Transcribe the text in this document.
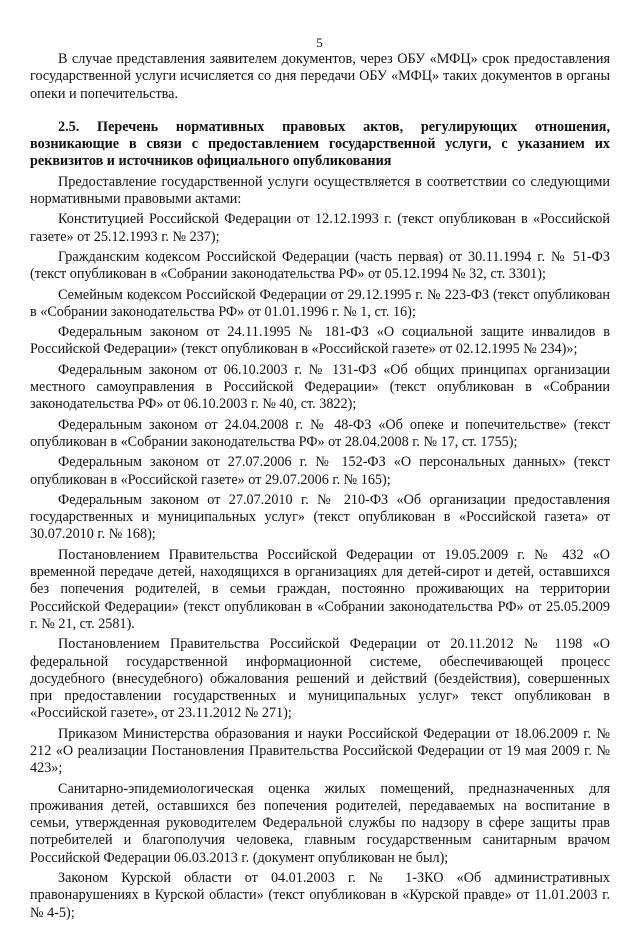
5

В случае представления заявителем документов, через ОБУ «МФЦ» срок предоставления государственной услуги исчисляется со дня передачи ОБУ «МФЦ» таких документов в органы опеки и попечительства.

2.5. Перечень нормативных правовых актов, регулирующих отношения, возникающие в связи с предоставлением государственной услуги, с указанием их реквизитов и источников официального опубликования

Предоставление государственной услуги осуществляется в соответствии со следующими нормативными правовыми актами:

Конституцией Российской Федерации от 12.12.1993 г. (текст опубликован в «Российской газете» от 25.12.1993 г. № 237);

Гражданским кодексом Российской Федерации (часть первая) от 30.11.1994 г. № 51-ФЗ (текст опубликован в «Собрании законодательства РФ» от 05.12.1994 № 32, ст. 3301);

Семейным кодексом Российской Федерации от 29.12.1995 г. № 223-ФЗ (текст опубликован в «Собрании законодательства РФ» от 01.01.1996 г. № 1, ст. 16);

Федеральным законом от 24.11.1995 № 181-ФЗ «О социальной защите инвалидов в Российской Федерации» (текст опубликован в «Российской газете» от 02.12.1995 № 234)»;

Федеральным законом от 06.10.2003 г. № 131-ФЗ «Об общих принципах организации местного самоуправления в Российской Федерации» (текст опубликован в «Собрании законодательства РФ» от 06.10.2003 г. № 40, ст. 3822);

Федеральным законом от 24.04.2008 г. № 48-ФЗ «Об опеке и попечительстве» (текст опубликован в «Собрании законодательства РФ» от 28.04.2008 г. № 17, ст. 1755);

Федеральным законом от 27.07.2006 г. № 152-ФЗ «О персональных данных» (текст опубликован в «Российской газете» от 29.07.2006 г. № 165);

Федеральным законом от 27.07.2010 г. № 210-ФЗ «Об организации предоставления государственных и муниципальных услуг» (текст опубликован в «Российской газета» от 30.07.2010 г. № 168);

Постановлением Правительства Российской Федерации от 19.05.2009 г. № 432 «О временной передаче детей, находящихся в организациях для детей-сирот и детей, оставшихся без попечения родителей, в семьи граждан, постоянно проживающих на территории Российской Федерации» (текст опубликован в «Собрании законодательства РФ» от 25.05.2009 г. № 21, ст. 2581).

Постановлением Правительства Российской Федерации от 20.11.2012 № 1198 «О федеральной государственной информационной системе, обеспечивающей процесс досудебного (внесудебного) обжалования решений и действий (бездействия), совершенных при предоставлении государственных и муниципальных услуг» текст опубликован в «Российской газете», от 23.11.2012 № 271);

Приказом Министерства образования и науки Российской Федерации от 18.06.2009 г. № 212 «О реализации Постановления Правительства Российской Федерации от 19 мая 2009 г. № 423»;

Санитарно-эпидемиологическая оценка жилых помещений, предназначенных для проживания детей, оставшихся без попечения родителей, передаваемых на воспитание в семьи, утвержденная руководителем Федеральной службы по надзору в сфере защиты прав потребителей и благополучия человека, главным государственным санитарным врачом Российской Федерации 06.03.2013 г. (документ опубликован не был);

Законом Курской области от 04.01.2003 г. № 1-ЗКО «Об административных правонарушениях в Курской области» (текст опубликован в «Курской правде» от 11.01.2003 г. № 4-5);
